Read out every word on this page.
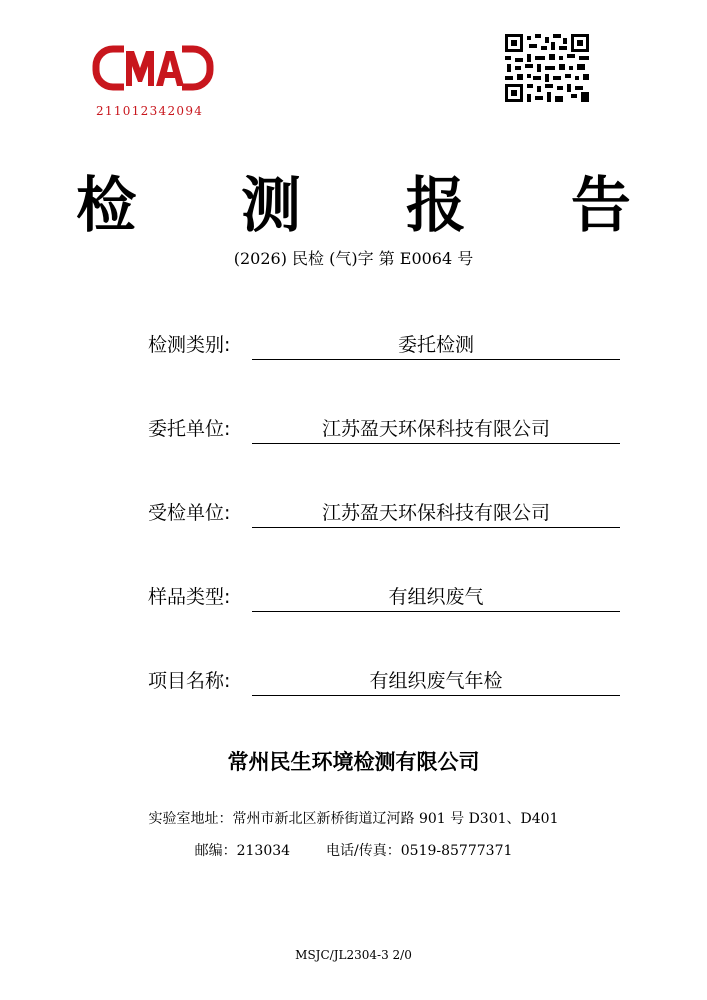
211012342094
检 测 报 告
(2026) 民检 (气)字 第 E0064 号
检测类别:	委托检测
委托单位:	江苏盈天环保科技有限公司
受检单位:	江苏盈天环保科技有限公司
样品类型:	有组织废气
项目名称:	有组织废气年检
常州民生环境检测有限公司
实验室地址：常州市新北区新桥街道辽河路 901 号 D301、D401
邮编：213034	电话/传真：0519-85777371
MSJC/JL2304-3 2/0
